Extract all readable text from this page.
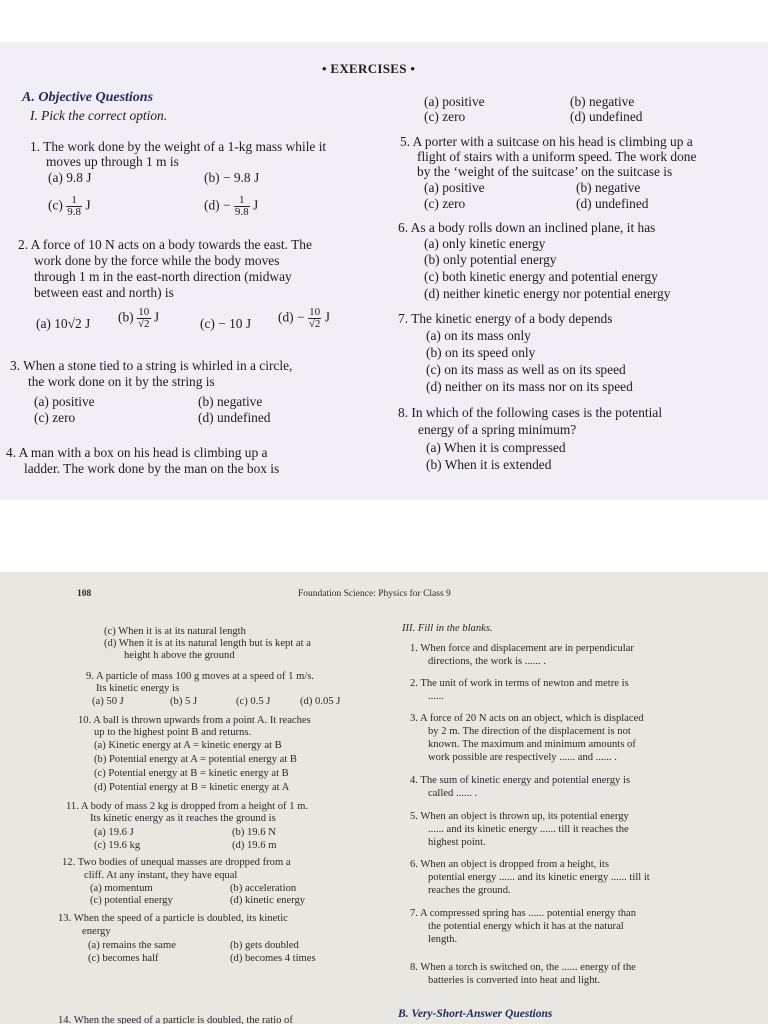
• EXERCISES •
A. Objective Questions
I. Pick the correct option.
1. The work done by the weight of a 1-kg mass while it
moves up through 1 m is
(a) 9.8 J	(b) − 9.8 J
$(c) \frac{1}{9.8}$ J	$(d) - \frac{1}{9.8}$ J
2. A force of 10 N acts on a body towards the east. The
work done by the force while the body moves
through 1 m in the east-north direction (midway
between east and north) is
(a) 10√2 J $(b) \frac{10}{√2}$ J	(c) − 10 J $(d) - \frac{10}{√2}$ J
3. When a stone tied to a string is whirled in a circle,
the work done on it by the string is
(a) positive	(b) negative
(c) zero	(d) undefined
4. A man with a box on his head is climbing up a
ladder. The work done by the man on the box is
(a) positive	(b) negative
(c) zero	(d) undefined
5. A porter with a suitcase on his head is climbing up a
flight of stairs with a uniform speed. The work done
by the ‘weight of the suitcase’ on the suitcase is
(a) positive	(b) negative
(c) zero	(d) undefined
6. As a body rolls down an inclined plane, it has
(a) only kinetic energy
(b) only potential energy
(c) both kinetic energy and potential energy
(d) neither kinetic energy nor potential energy
7. The kinetic energy of a body depends
(a) on its mass only
(b) on its speed only
(c) on its mass as well as on its speed
(d) neither on its mass nor on its speed
8. In which of the following cases is the potential
energy of a spring minimum?
(a) When it is compressed
(b) When it is extended
108	Foundation Science: Physics for Class 9
(c) When it is at its natural length
(d) When it is at its natural length but is kept at a
height h above the ground
9. A particle of mass 100 g moves at a speed of 1 m/s.
Its kinetic energy is
(a) 50 J	(b) 5 J	(c) 0.5 J	(d) 0.05 J
10. A ball is thrown upwards from a point A. It reaches
up to the highest point B and returns.
(a) Kinetic energy at A = kinetic energy at B
(b) Potential energy at A = potential energy at B
(c) Potential energy at B = kinetic energy at B
(d) Potential energy at B = kinetic energy at A
11. A body of mass 2 kg is dropped from a height of 1 m.
Its kinetic energy as it reaches the ground is
(a) 19.6 J	(b) 19.6 N
(c) 19.6 kg	(d) 19.6 m
12. Two bodies of unequal masses are dropped from a
cliff. At any instant, they have equal
(a) momentum	(b) acceleration
(c) potential energy	(d) kinetic energy
13. When the speed of a particle is doubled, its kinetic
energy
(a) remains the same	(b) gets doubled
(c) becomes half	(d) becomes 4 times
14. When the speed of a particle is doubled, the ratio of
III. Fill in the blanks.
1. When force and displacement are in perpendicular
directions, the work is ...... .
2. The unit of work in terms of newton and metre is
......
3. A force of 20 N acts on an object, which is displaced
by 2 m. The direction of the displacement is not
known. The maximum and minimum amounts of
work possible are respectively ...... and ...... .
4. The sum of kinetic energy and potential energy is
called ...... .
5. When an object is thrown up, its potential energy
...... and its kinetic energy ...... till it reaches the
highest point.
6. When an object is dropped from a height, its
potential energy ...... and its kinetic energy ...... till it
reaches the ground.
7. A compressed spring has ...... potential energy than
the potential energy which it has at the natural
length.
8. When a torch is switched on, the ...... energy of the
batteries is converted into heat and light.
B. Very-Short-Answer Questions
